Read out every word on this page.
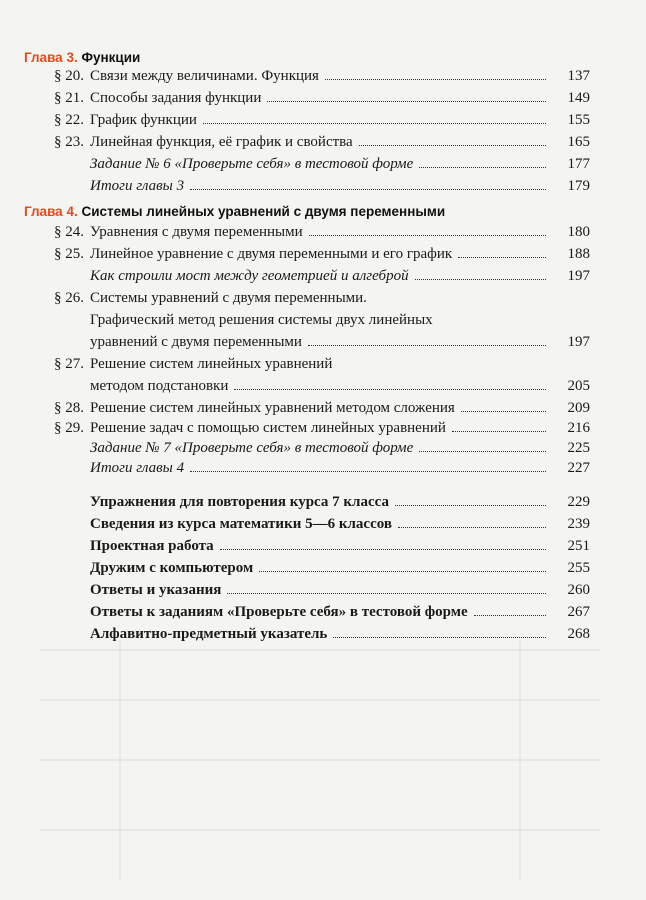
Глава 3. Функции
§ 20. Связи между величинами. Функция	137
§ 21. Способы задания функции	149
§ 22. График функции	155
§ 23. Линейная функция, её график и свойства	165
Задание № 6 «Проверьте себя» в тестовой форме	177
Итоги главы 3	179
Глава 4. Системы линейных уравнений с двумя переменными
§ 24. Уравнения с двумя переменными	180
§ 25. Линейное уравнение с двумя переменными и его график	188
Как строили мост между геометрией и алгеброй	197
§ 26. Системы уравнений с двумя переменными.
Графический метод решения системы двух линейных
уравнений с двумя переменными	197
§ 27. Решение систем линейных уравнений
методом подстановки	205
§ 28. Решение систем линейных уравнений методом сложения	209
§ 29. Решение задач с помощью систем линейных уравнений	216
Задание № 7 «Проверьте себя» в тестовой форме	225
Итоги главы 4	227
Упражнения для повторения курса 7 класса	229
Сведения из курса математики 5—6 классов	239
Проектная работа	251
Дружим с компьютером	255
Ответы и указания	260
Ответы к заданиям «Проверьте себя» в тестовой форме	267
Алфавитно-предметный указатель	268
